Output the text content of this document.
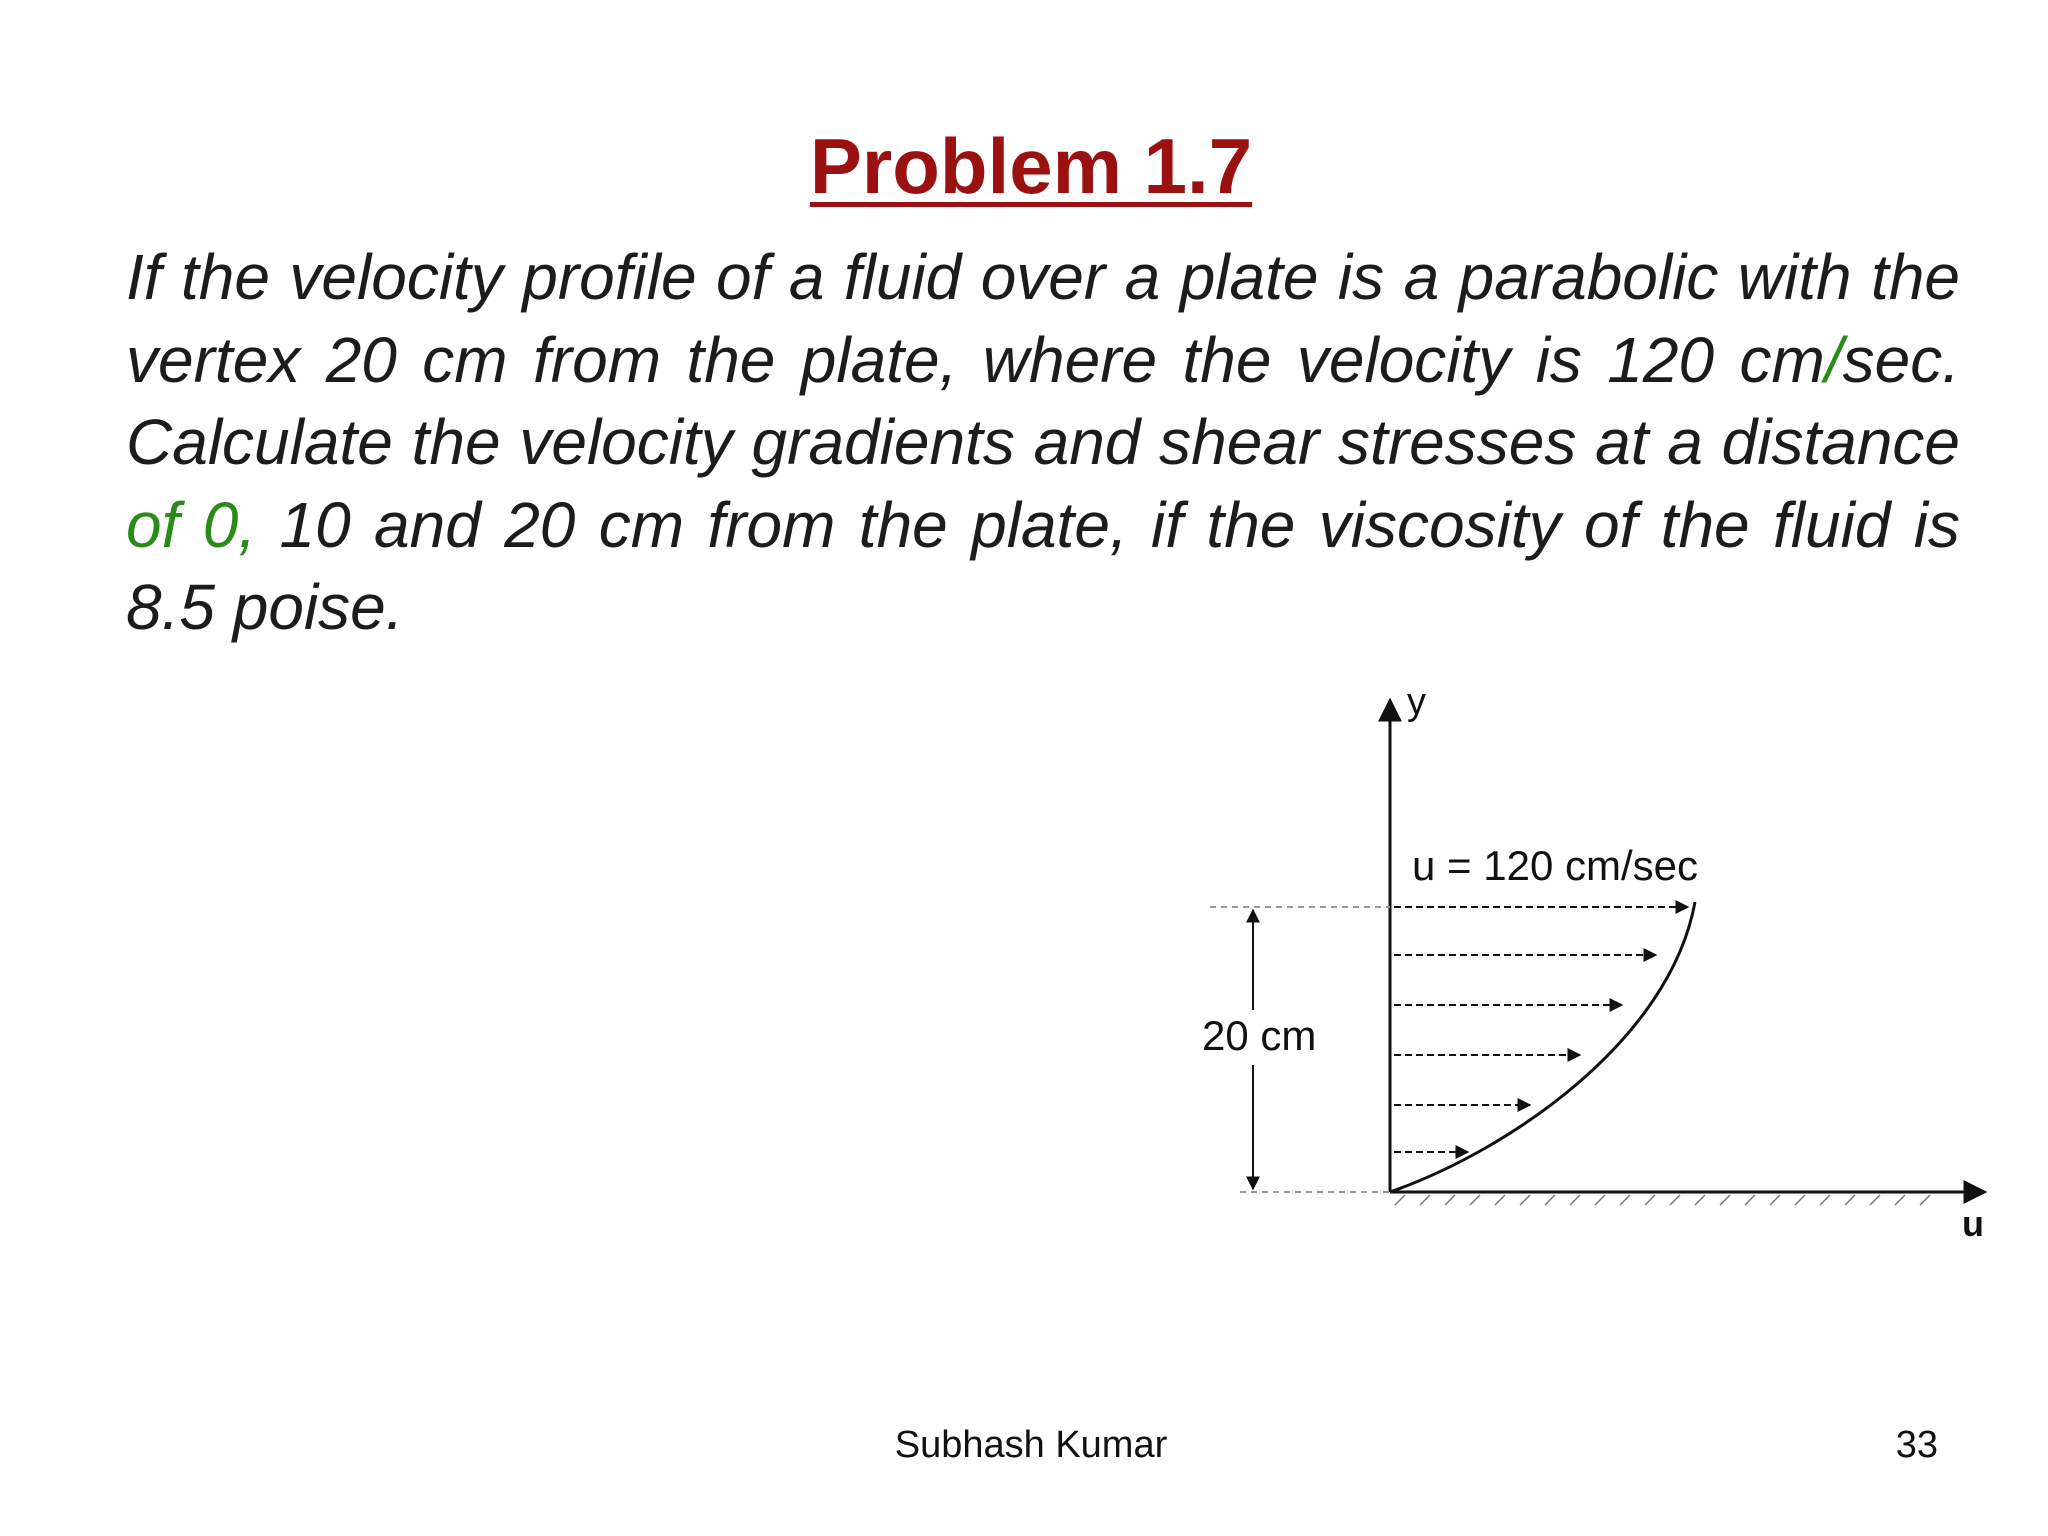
Problem 1.7

If the velocity profile of a fluid over a plate is a parabolic with the vertex 20 cm from the plate, where the velocity is 120 cm/sec. Calculate the velocity gradients and shear stresses at a distance of 0, 10 and 20 cm from the plate, if the viscosity of the fluid is 8.5 poise.

y
u
20 cm
u = 120 cm/sec
Subhash Kumar	33
